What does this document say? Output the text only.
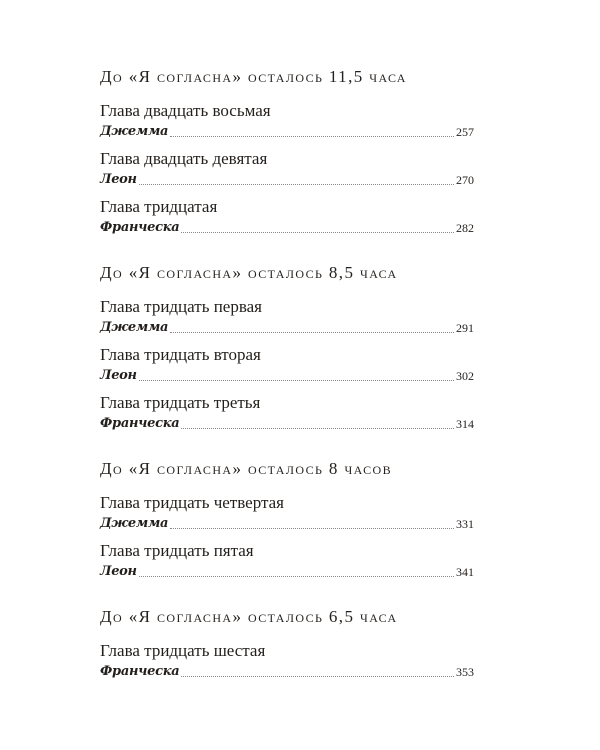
До «Я согласна» осталось 11,5 часа
Глава двадцать восьмая
Джемма	257
Глава двадцать девятая
Леон	270
Глава тридцатая
Франческа	282
До «Я согласна» осталось 8,5 часа
Глава тридцать первая
Джемма	291
Глава тридцать вторая
Леон	302
Глава тридцать третья
Франческа	314
До «Я согласна» осталось 8 часов
Глава тридцать четвертая
Джемма	331
Глава тридцать пятая
Леон	341
До «Я согласна» осталось 6,5 часа
Глава тридцать шестая
Франческа	353
